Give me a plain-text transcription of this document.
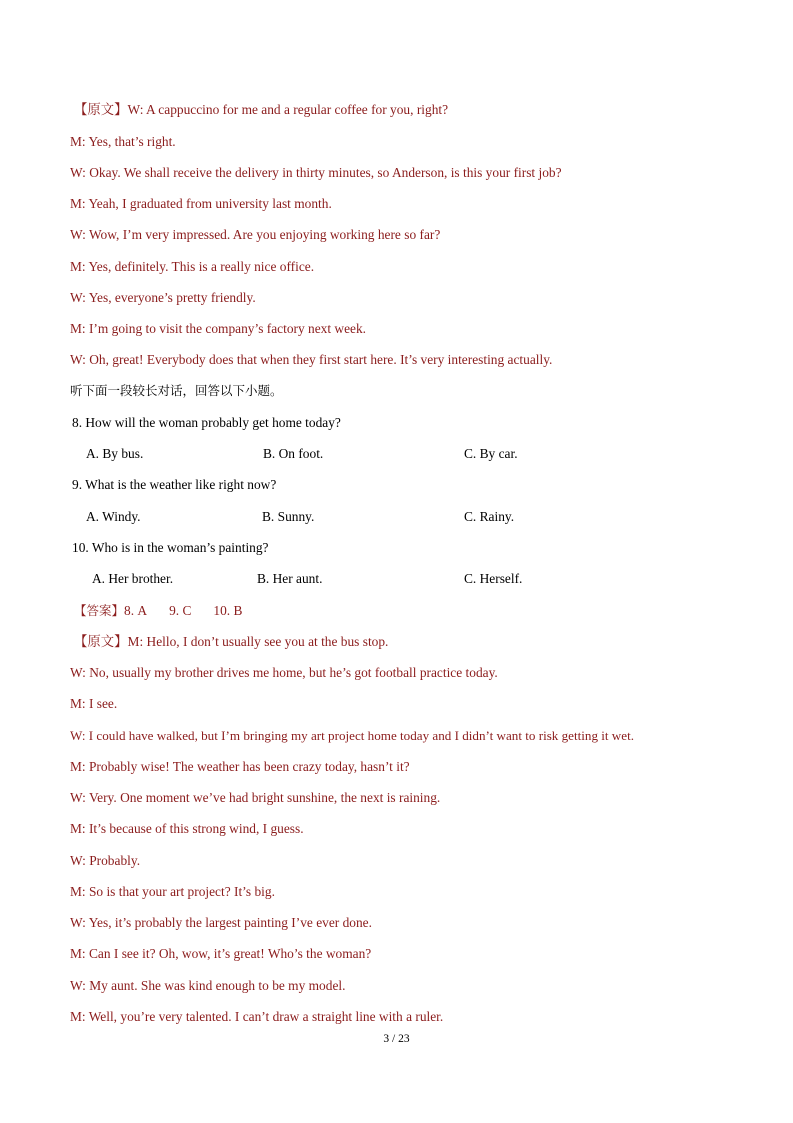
【原文】W: A cappuccino for me and a regular coffee for you, right?
M: Yes, that’s right.
W: Okay. We shall receive the delivery in thirty minutes, so Anderson, is this your first job?
M: Yeah, I graduated from university last month.
W: Wow, I’m very impressed. Are you enjoying working here so far?
M: Yes, definitely. This is a really nice office.
W: Yes, everyone’s pretty friendly.
M: I’m going to visit the company’s factory next week.
W: Oh, great! Everybody does that when they first start here. It’s very interesting actually.
听下面一段较长对话，回答以下小题。
8. How will the woman probably get home today?
A. By bus.	B. On foot.	C. By car.
9. What is the weather like right now?
A. Windy.	B. Sunny.	C. Rainy.
10. Who is in the woman’s painting?
A. Her brother.	B. Her aunt.	C. Herself.
【答案】8. A 9. C 10. B
【原文】M: Hello, I don’t usually see you at the bus stop.
W: No, usually my brother drives me home, but he’s got football practice today.
M: I see.
W: I could have walked, but I’m bringing my art project home today and I didn’t want to risk getting it wet.
M: Probably wise! The weather has been crazy today, hasn’t it?
W: Very. One moment we’ve had bright sunshine, the next is raining.
M: It’s because of this strong wind, I guess.
W: Probably.
M: So is that your art project? It’s big.
W: Yes, it’s probably the largest painting I’ve ever done.
M: Can I see it? Oh, wow, it’s great! Who’s the woman?
W: My aunt. She was kind enough to be my model.
M: Well, you’re very talented. I can’t draw a straight line with a ruler.
3 / 23
